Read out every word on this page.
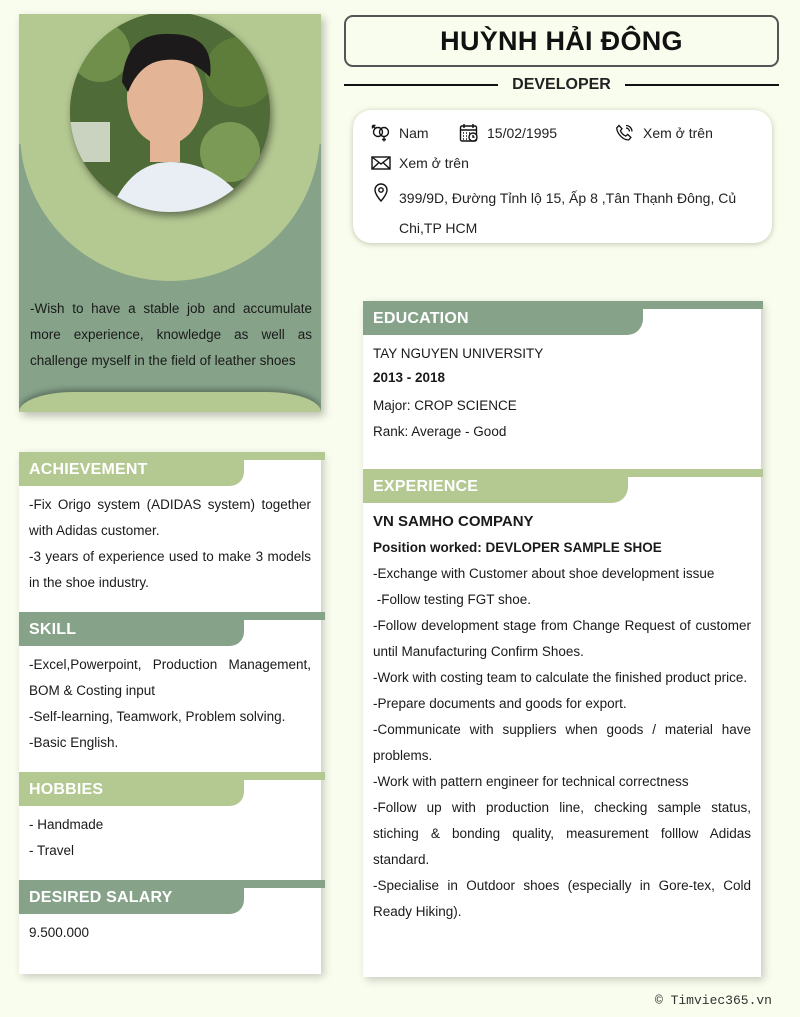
-Wish to have a stable job and accumulate more experience, knowledge as well as challenge myself in the field of leather shoes
HUỲNH HẢI ĐÔNG
DEVELOPER
Nam	15/02/1995	Xem ở trên
Xem ở trên
399/9D, Đường Tỉnh lộ 15, Ấp 8 ,Tân Thạnh Đông, Củ Chi,TP HCM
ACHIEVEMENT

-Fix Origo system (ADIDAS system) together with Adidas customer.

-3 years of experience used to make 3 models in the shoe industry.

SKILL

-Excel,Powerpoint, Production Management, BOM & Costing input

-Self-learning, Teamwork, Problem solving.

-Basic English.

HOBBIES

- Handmade

- Travel

DESIRED SALARY

9.500.000

EDUCATION

TAY NGUYEN UNIVERSITY

2013 - 2018

Major: CROP SCIENCE

Rank: Average - Good

EXPERIENCE

VN SAMHO COMPANY

Position worked: DEVLOPER SAMPLE SHOE

-Exchange with Customer about shoe development issue

-Follow testing FGT shoe.

-Follow development stage from Change Request of customer until Manufacturing Confirm Shoes.

-Work with costing team to calculate the finished product price.

-Prepare documents and goods for export.

-Communicate with suppliers when goods / material have problems.

-Work with pattern engineer for technical correctness

-Follow up with production line, checking sample status, stiching & bonding quality, measurement folllow Adidas standard.

-Specialise in Outdoor shoes (especially in Gore-tex, Cold Ready Hiking).

© Timviec365.vn
